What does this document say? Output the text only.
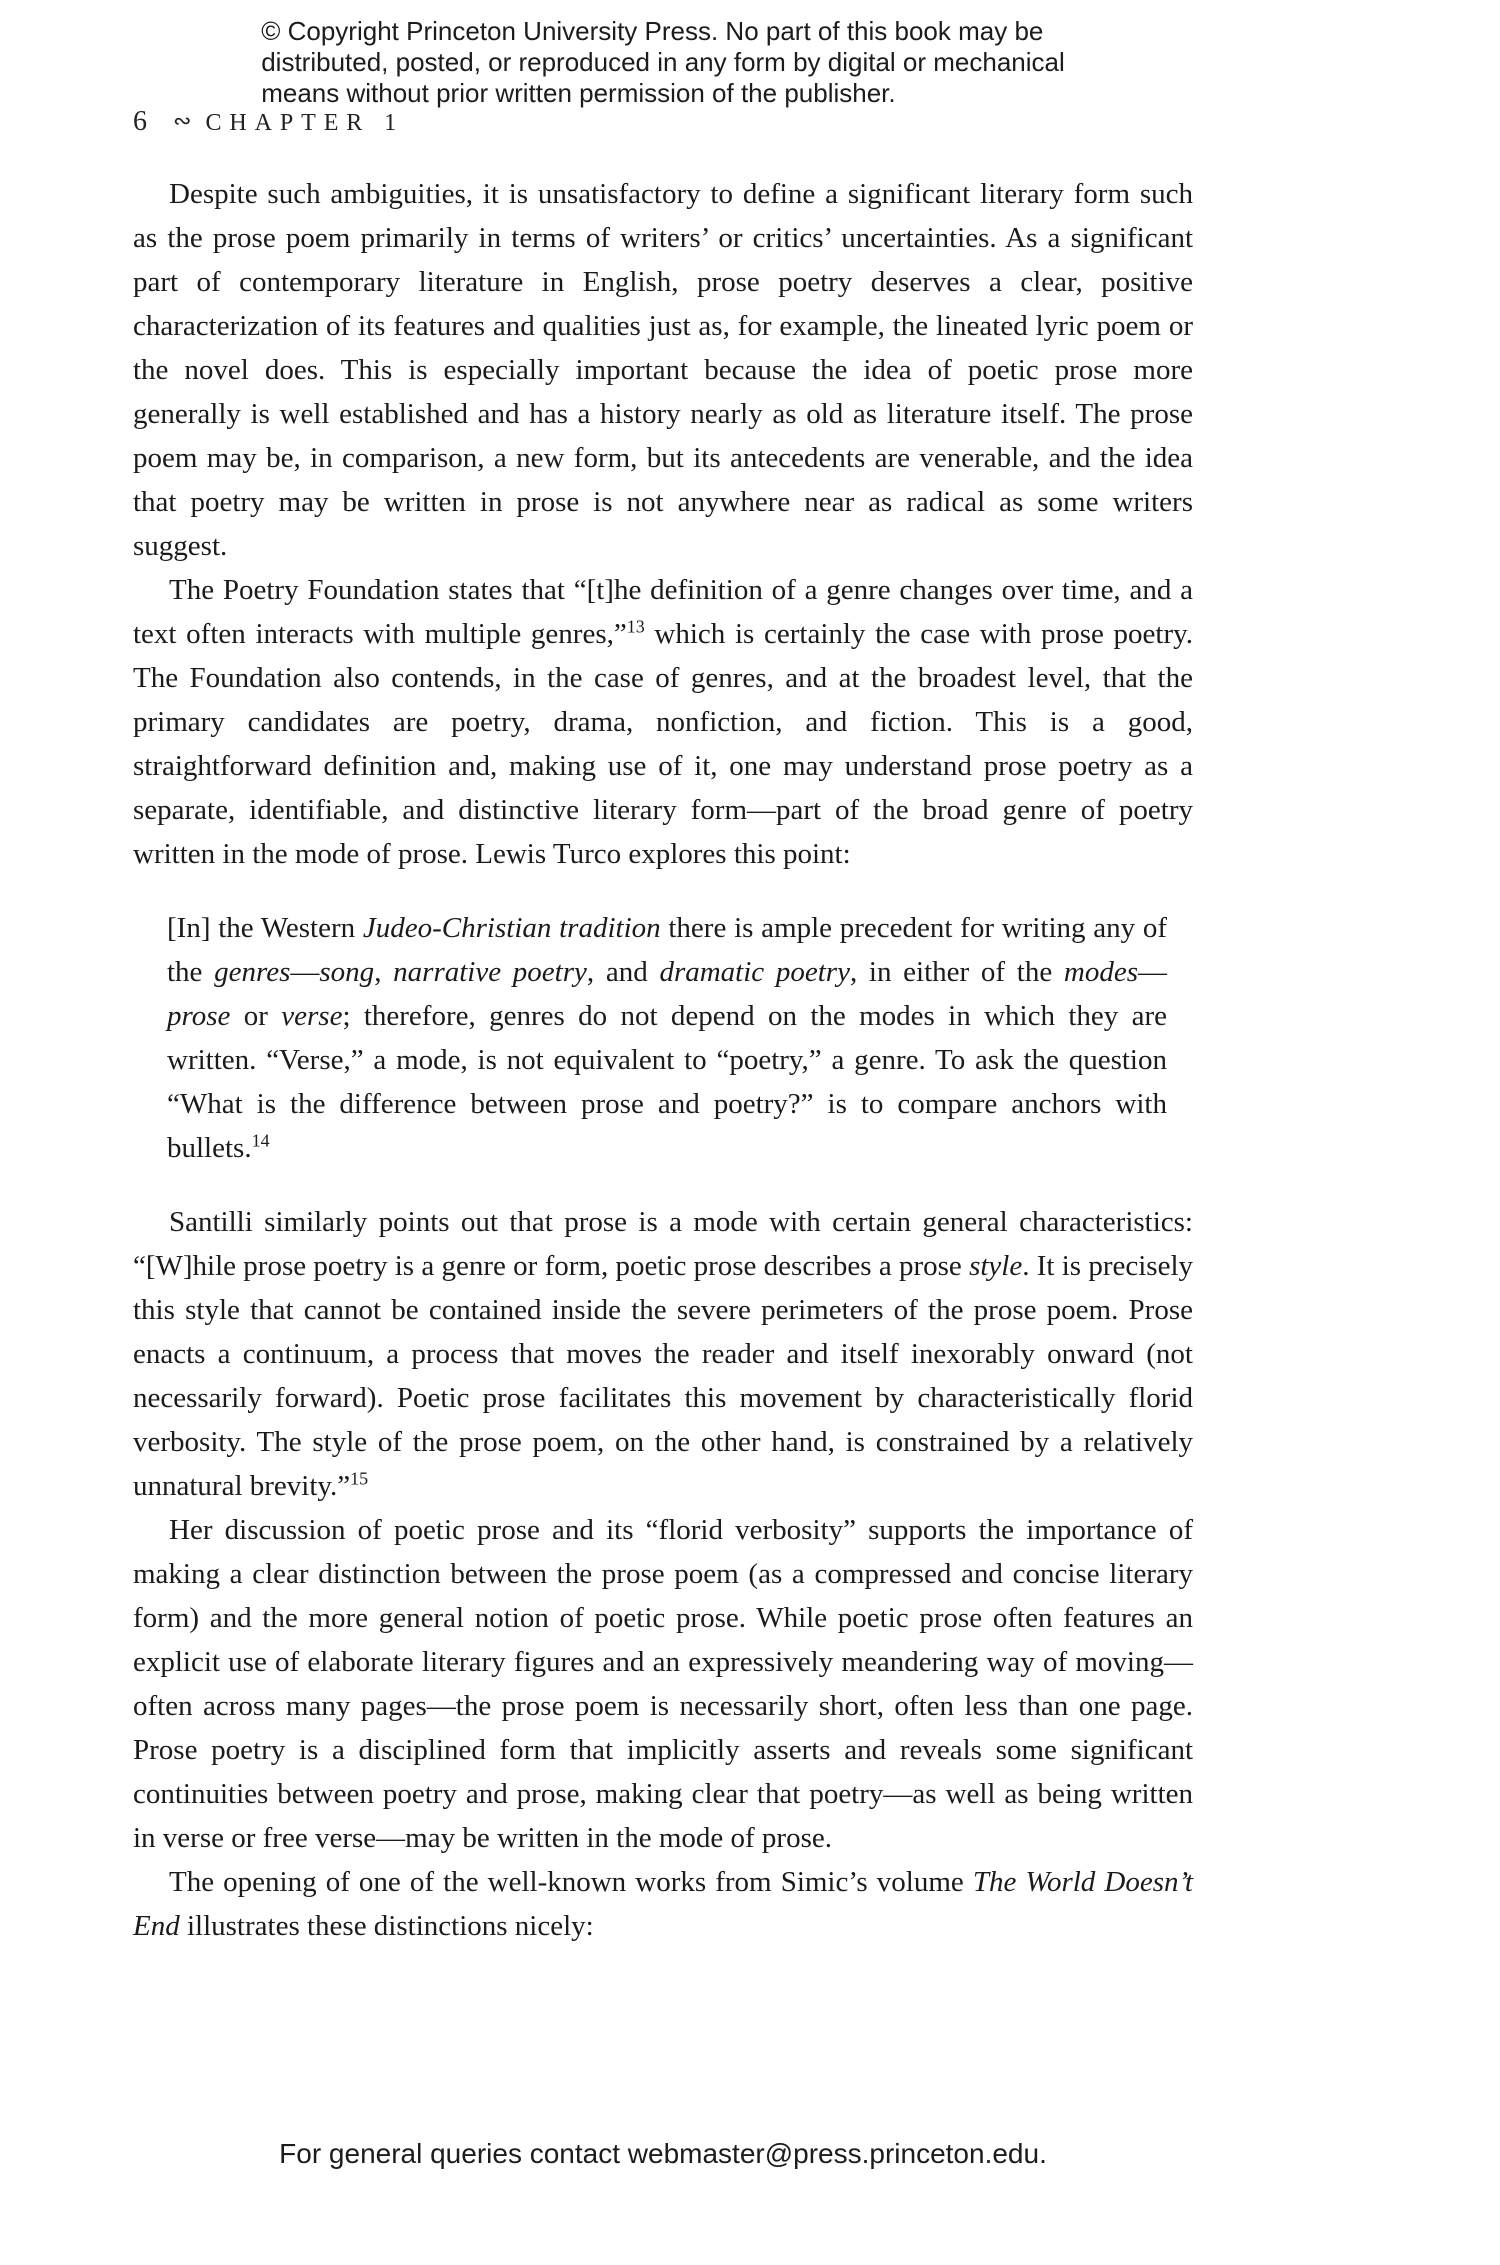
© Copyright Princeton University Press. No part of this book may be
distributed, posted, or reproduced in any form by digital or mechanical
means without prior written permission of the publisher.
6 ∾ CHAPTER 1
Despite such ambiguities, it is unsatisfactory to define a significant literary form such as the prose poem primarily in terms of writers’ or critics’ uncertainties. As a significant part of contemporary literature in English, prose poetry deserves a clear, positive characterization of its features and qualities just as, for example, the lineated lyric poem or the novel does. This is especially important because the idea of poetic prose more generally is well established and has a history nearly as old as literature itself. The prose poem may be, in comparison, a new form, but its antecedents are venerable, and the idea that poetry may be written in prose is not anywhere near as radical as some writers suggest.
The Poetry Foundation states that “[t]he definition of a genre changes over time, and a text often interacts with multiple genres,”$^{13}$ which is certainly the case with prose poetry. The Foundation also contends, in the case of genres, and at the broadest level, that the primary candidates are poetry, drama, nonfiction, and fiction. This is a good, straightforward definition and, making use of it, one may understand prose poetry as a separate, identifiable, and distinctive literary form—part of the broad genre of poetry written in the mode of prose. Lewis Turco explores this point:
[In] the Western Judeo-Christian tradition there is ample precedent for writing any of the genres—song, narrative poetry, and dramatic poetry, in either of the modes—prose or verse; therefore, genres do not depend on the modes in which they are written. “Verse,” a mode, is not equivalent to “poetry,” a genre. To ask the question “What is the difference between prose and poetry?” is to compare anchors with bullets.$^{14}$
Santilli similarly points out that prose is a mode with certain general characteristics: “[W]hile prose poetry is a genre or form, poetic prose describes a prose style. It is precisely this style that cannot be contained inside the severe perimeters of the prose poem. Prose enacts a continuum, a process that moves the reader and itself inexorably onward (not necessarily forward). Poetic prose facilitates this movement by characteristically florid verbosity. The style of the prose poem, on the other hand, is constrained by a relatively unnatural brevity.”$^{15}$
Her discussion of poetic prose and its “florid verbosity” supports the importance of making a clear distinction between the prose poem (as a compressed and concise literary form) and the more general notion of poetic prose. While poetic prose often features an explicit use of elaborate literary figures and an expressively meandering way of moving—often across many pages—the prose poem is necessarily short, often less than one page. Prose poetry is a disciplined form that implicitly asserts and reveals some significant continuities between poetry and prose, making clear that poetry—as well as being written in verse or free verse—may be written in the mode of prose.
The opening of one of the well-known works from Simic’s volume The World Doesn’t End illustrates these distinctions nicely:
For general queries contact webmaster@press.princeton.edu.
